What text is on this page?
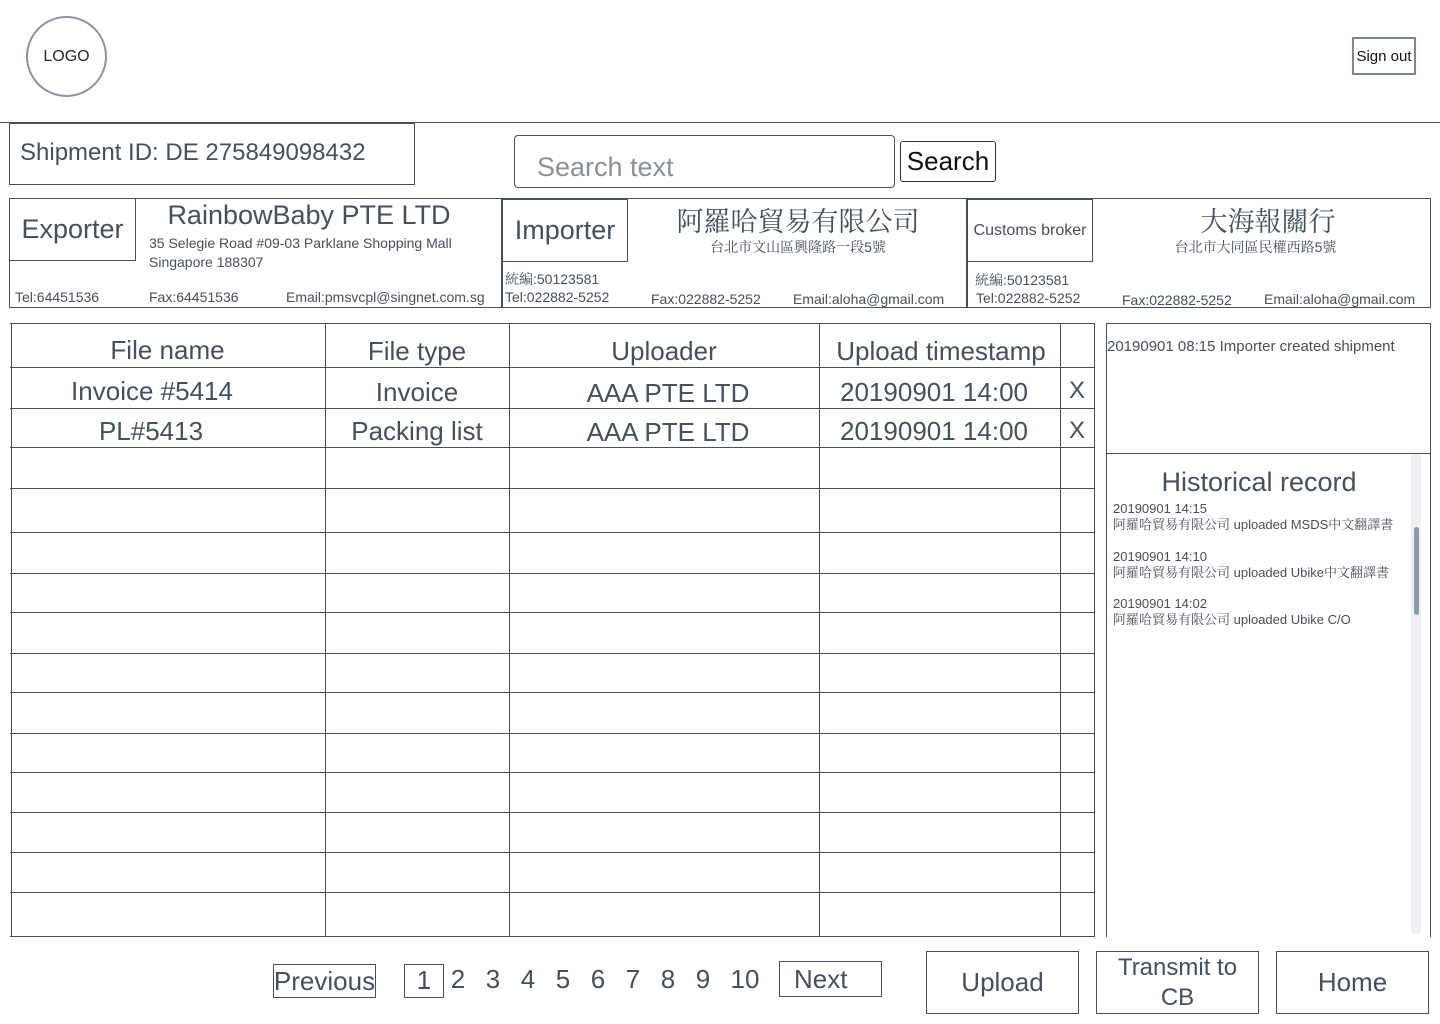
LOGO	Sign out
Shipment ID: DE 275849098432
Search text	Search
Exporter	RainbowBaby PTE LTD
35 Selegie Road #09-03 Parklane Shopping Mall
Singapore 188307
Tel:64451536	Fax:64451536	Email:pmsvcpl@singnet.com.sg
Importer	阿羅哈貿易有限公司
台北市文山區興隆路一段5號
統編:50123581
Tel:022882-5252	Fax:022882-5252 Email:aloha@gmail.com
Customs broker	大海報關行
台北市大同區民權西路5號
統編:50123581
Tel:022882-5252	Fax:022882-5252 Email:aloha@gmail.com
File name	File type	Uploader	Upload timestamp
Invoice #5414	Invoice	AAA PTE LTD	20190901 14:00	X
PL#5413	Packing list	AAA PTE LTD	20190901 14:00	X
20190901 08:15 Importer created shipment
Historical record
20190901 14:15
阿羅哈貿易有限公司 uploaded MSDS中文翻譯書
20190901 14:10
阿羅哈貿易有限公司 uploaded Ubike中文翻譯書
20190901 14:02
阿羅哈貿易有限公司 uploaded Ubike C/O
Previous	1 2 3 4 5 6 7 8 9 10	Next	Upload	Transmit to CB	Home
